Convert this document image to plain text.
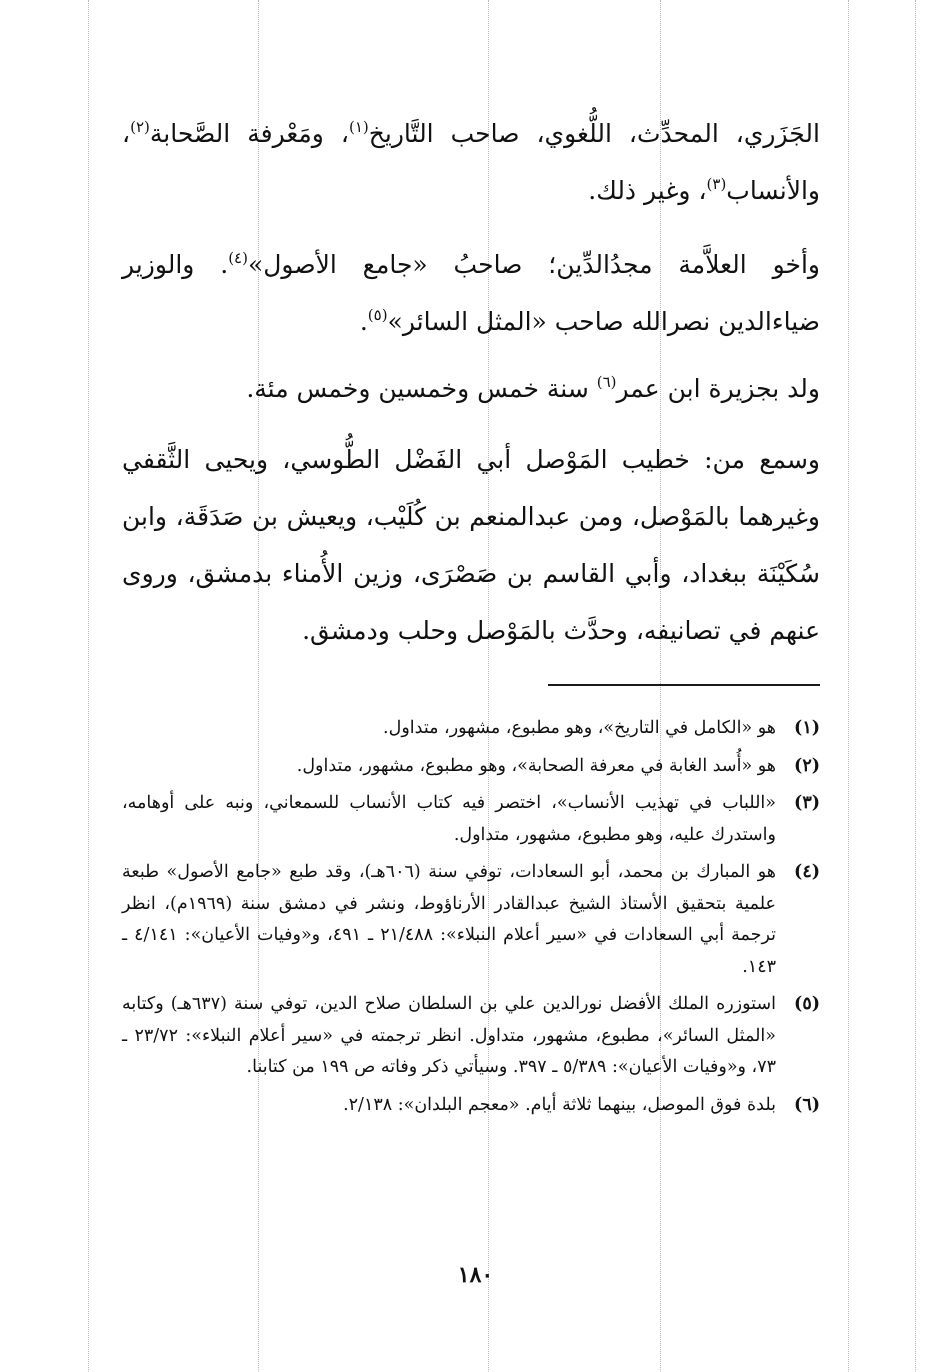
الجَزَري، المحدِّث، اللُّغوي، صاحب التَّاريخ$^{(١)}$، ومَعْرفة الصَّحابة$^{(٢)}$، والأنساب$^{(٣)}$، وغير ذلك.

وأخو العلاَّمة مجدُالدِّين؛ صاحبُ «جامع الأصول»$^{(٤)}$. والوزير ضياءالدين نصرالله صاحب «المثل السائر»$^{(٥)}$.

ولد بجزيرة ابن عمر$^{(٦)}$ سنة خمس وخمسين وخمس مئة.

وسمع من: خطيب المَوْصل أبي الفَضْل الطُّوسي، ويحيى الثَّقفي وغيرهما بالمَوْصل، ومن عبدالمنعم بن كُلَيْب، ويعيش بن صَدَقَة، وابن سُكَيْنَة ببغداد، وأبي القاسم بن صَصْرَى، وزين الأُمناء بدمشق، وروى عنهم في تصانيفه، وحدَّث بالمَوْصل وحلب ودمشق.

(١)
هو «الكامل في التاريخ»، وهو مطبوع، مشهور، متداول.
(٢)
هو «أُسد الغابة في معرفة الصحابة»، وهو مطبوع، مشهور، متداول.
(٣)
«اللباب في تهذيب الأنساب»، اختصر فيه كتاب الأنساب للسمعاني، ونبه على أوهامه، واستدرك عليه، وهو مطبوع، مشهور، متداول.
(٤)
هو المبارك بن محمد، أبو السعادات، توفي سنة (٦٠٦هـ)، وقد طبع «جامع الأصول» طبعة علمية بتحقيق الأستاذ الشيخ عبدالقادر الأرناؤوط، ونشر في دمشق سنة (١٩٦٩م)، انظر ترجمة أبي السعادات في «سير أعلام النبلاء»: ٢١/٤٨٨ ـ ٤٩١، و«وفيات الأعيان»: ٤/١٤١ ـ ١٤٣.
(٥)
استوزره الملك الأفضل نورالدين علي بن السلطان صلاح الدين، توفي سنة (٦٣٧هـ) وكتابه «المثل السائر»، مطبوع، مشهور، متداول. انظر ترجمته في «سير أعلام النبلاء»: ٢٣/٧٢ ـ ٧٣، و«وفيات الأعيان»: ٥/٣٨٩ ـ ٣٩٧. وسيأتي ذكر وفاته ص ١٩٩ من كتابنا.
(٦)
بلدة فوق الموصل، بينهما ثلاثة أيام. «معجم البلدان»: ٢/١٣٨.
١٨٠
